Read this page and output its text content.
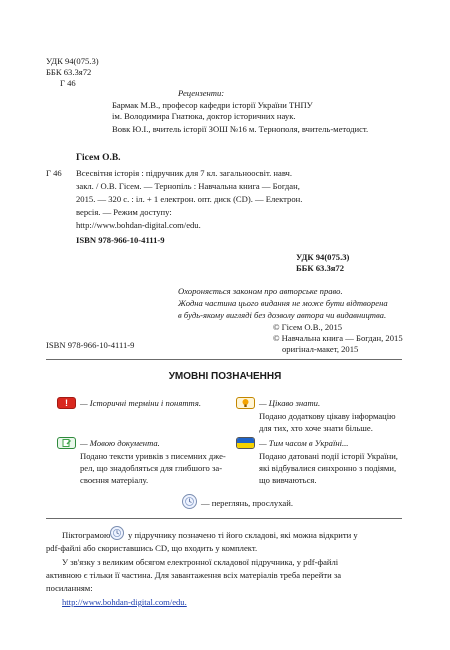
УДК 94(075.3)
ББК 63.3я72
Г 46
Рецензенти:
Бармак М.В., професор кафедри історії України ТНПУ
ім. Володимира Гнатюка, доктор історичних наук.
Вовк Ю.І., вчитель історії ЗОШ №16 м. Тернополя, вчитель-методист.
Гісем О.В.
Г 46 Всесвітня історія : підручник для 7 кл. загальноосвіт. навч.
закл. / О.В. Гісем. — Тернопіль : Навчальна книга — Богдан,
2015. — 320 с. : іл. + 1 електрон. опт. диск (CD). — Електрон.
версія. — Режим доступу:
http://www.bohdan-digital.com/edu.
ISBN 978-966-10-4111-9
УДК 94(075.3)
ББК 63.3я72
Охороняється законом про авторське право.
Жодна частина цього видання не може бути відтворена
в будь-якому вигляді без дозволу автора чи видавництва.
© Гісем О.В., 2015
© Навчальна книга — Богдан, 2015
оригінал-макет, 2015
ISBN 978-966-10-4111-9
УМОВНІ ПОЗНАЧЕННЯ
!	— Історичні терміни і поняття.	— Цікаво знати.
Подано додаткову цікаву інформацію
для тих, хто хоче знати більше.
— Мовою документа.
Подано тексти уривків з писемних дже-
рел, що знадобляться для глибшого за-
своєння матеріалу.
— Тим часом в Україні...
Подано датовані події історії України,
які відбувалися синхронно з подіями,
що вивчаються.
— переглянь, прослухай.
Піктограмою у підручнику позначено ті його складові, які можна відкрити у
pdf-файлі або скориставшись CD, що входить у комплект.
У зв'язку з великим обсягом електронної складової підручника, у pdf-файлі
активною є тільки її частина. Для завантаження всіх матеріалів треба перейти за
посиланням:
http://www.bohdan-digital.com/edu.
